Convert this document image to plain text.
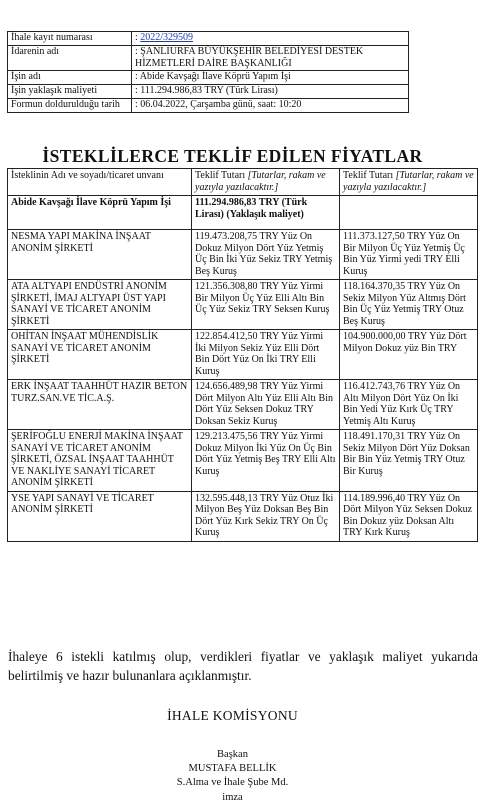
İhale kayıt numarası	: 2022/329509
İdarenin adı	: ŞANLIURFA BÜYÜKŞEHİR BELEDİYESİ DESTEK HİZMETLERİ DAİRE BAŞKANLIĞI
İşin adı	: Abide Kavşağı İlave Köprü Yapım İşi
İşin yaklaşık maliyeti	: 111.294.986,83 TRY (Türk Lirası)
Formun doldurulduğu tarih	: 06.04.2022, Çarşamba günü, saat: 10:20
İSTEKLİLERCE TEKLİF EDİLEN FİYATLAR
İsteklinin Adı ve soyadı/ticaret unvanı	Teklif Tutarı [Tutarlar, rakam ve yazıyla yazılacaktır.]	Teklif Tutarı [Tutarlar, rakam ve yazıyla yazılacaktır.]
Abide Kavşağı İlave Köprü Yapım İşi	111.294.986,83 TRY (Türk Lirası) (Yaklaşık maliyet)	
NESMA YAPI MAKİNA İNŞAAT ANONİM ŞİRKETİ	119.473.208,75 TRY Yüz On Dokuz Milyon Dört Yüz Yetmiş Üç Bin İki Yüz Sekiz TRY Yetmiş Beş Kuruş	111.373.127,50 TRY Yüz On Bir Milyon Üç Yüz Yetmiş Üç Bin Yüz Yirmi yedi TRY Elli Kuruş
ATA ALTYAPI ENDÜSTRİ ANONİM ŞİRKETİ, İMAJ ALTYAPI ÜST YAPI SANAYİ VE TİCARET ANONİM ŞİRKETİ	121.356.308,80 TRY Yüz Yirmi Bir Milyon Üç Yüz Elli Altı Bin Üç Yüz Sekiz TRY Seksen Kuruş	118.164.370,35 TRY Yüz On Sekiz Milyon Yüz Altmış Dört Bin Üç Yüz Yetmiş TRY Otuz Beş Kuruş
OHİTAN İNŞAAT MÜHENDİSLİK SANAYİ VE TİCARET ANONİM ŞİRKETİ	122.854.412,50 TRY Yüz Yirmi İki Milyon Sekiz Yüz Elli Dört Bin Dört Yüz On İki TRY Elli Kuruş	104.900.000,00 TRY Yüz Dört Milyon Dokuz yüz Bin TRY
ERK İNŞAAT TAAHHÜT HAZIR BETON TURZ.SAN.VE TİC.A.Ş.	124.656.489,98 TRY Yüz Yirmi Dört Milyon Altı Yüz Elli Altı Bin Dört Yüz Seksen Dokuz TRY Doksan Sekiz Kuruş	116.412.743,76 TRY Yüz On Altı Milyon Dört Yüz On İki Bin Yedi Yüz Kırk Üç TRY Yetmiş Altı Kuruş
ŞERİFOĞLU ENERJİ MAKİNA İNŞAAT SANAYİ VE TİCARET ANONİM ŞİRKETİ, ÖZSAL İNŞAAT TAAHHÜT VE NAKLİYE SANAYİ TİCARET ANONİM ŞİRKETİ	129.213.475,56 TRY Yüz Yirmi Dokuz Milyon İki Yüz On Üç Bin Dört Yüz Yetmiş Beş TRY Elli Altı Kuruş	118.491.170,31 TRY Yüz On Sekiz Milyon Dört Yüz Doksan Bir Bin Yüz Yetmiş TRY Otuz Bir Kuruş
YSE YAPI SANAYİ VE TİCARET ANONİM ŞİRKETİ	132.595.448,13 TRY Yüz Otuz İki Milyon Beş Yüz Doksan Beş Bin Dört Yüz Kırk Sekiz TRY On Üç Kuruş	114.189.996,40 TRY Yüz On Dört Milyon Yüz Seksen Dokuz Bin Dokuz yüz Doksan Altı TRY Kırk Kuruş
İhaleye 6 istekli katılmış olup, verdikleri fiyatlar ve yaklaşık maliyet yukarıda belirtilmiş ve hazır bulunanlara açıklanmıştır.
İHALE KOMİSYONU
Başkan
MUSTAFA BELLİK
S.Alma ve İhale Şube Md.
imza
